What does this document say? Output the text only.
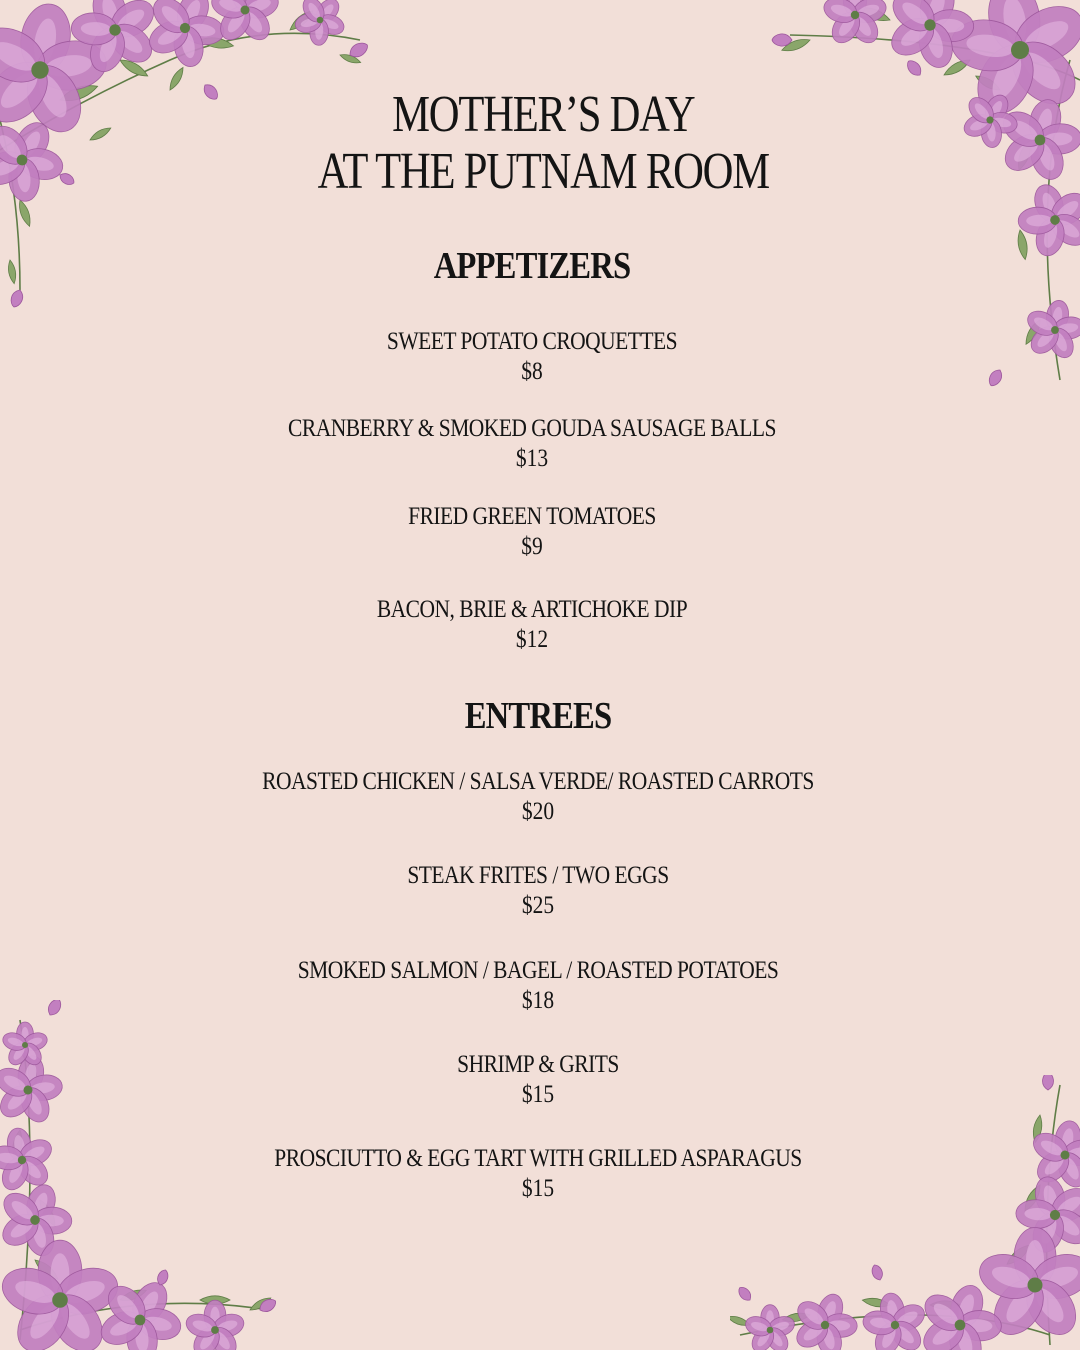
MOTHER’S DAY
AT THE PUTNAM ROOM
APPETIZERS
SWEET POTATO CROQUETTES
$8
CRANBERRY & SMOKED GOUDA SAUSAGE BALLS
$13
FRIED GREEN TOMATOES
$9
BACON, BRIE & ARTICHOKE DIP
$12
ENTREES
ROASTED CHICKEN / SALSA VERDE/ ROASTED CARROTS
$20
STEAK FRITES / TWO EGGS
$25
SMOKED SALMON / BAGEL / ROASTED POTATOES
$18
SHRIMP & GRITS
$15
PROSCIUTTO & EGG TART WITH GRILLED ASPARAGUS
$15
